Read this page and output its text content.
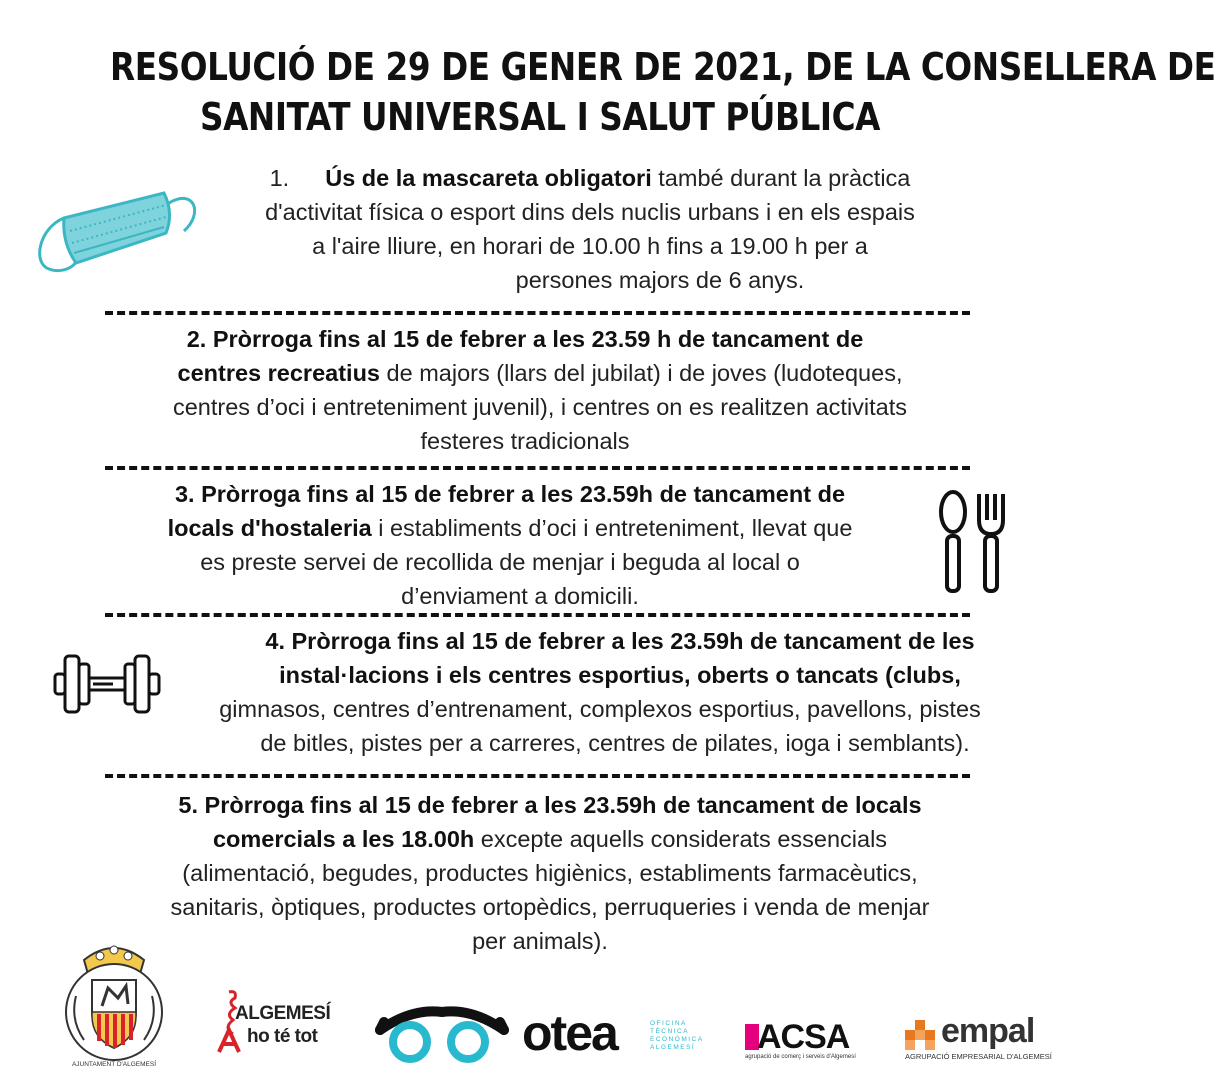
RESOLUCIÓ DE 29 DE GENER DE 2021, DE LA CONSELLERA DE
SANITAT UNIVERSAL I SALUT PÚBLICA
1. Ús de la mascareta obligatori també durant la pràctica
d'activitat física o esport dins dels nuclis urbans i en els espais
a l'aire lliure, en horari de 10.00 h fins a 19.00 h per a
persones majors de 6 anys.
2. Pròrroga fins al 15 de febrer a les 23.59 h de tancament de
centres recreatius de majors (llars del jubilat) i de joves (ludoteques,
centres d’oci i entreteniment juvenil), i centres on es realitzen activitats
festeres tradicionals
3. Pròrroga fins al 15 de febrer a les 23.59h de tancament de
locals d'hostaleria i establiments d’oci i entreteniment, llevat que
es preste servei de recollida de menjar i beguda al local o
d’enviament a domicili.
4. Pròrroga fins al 15 de febrer a les 23.59h de tancament de les
instal·lacions i els centres esportius, oberts o tancats (clubs,
gimnasos, centres d’entrenament, complexos esportius, pavellons, pistes
de bitles, pistes per a carreres, centres de pilates, ioga i semblants).
5. Pròrroga fins al 15 de febrer a les 23.59h de tancament de locals
comercials a les 18.00h excepte aquells considerats essencials
(alimentació, begudes, productes higiènics, establiments farmacèutics,
sanitaris, òptiques, productes ortopèdics, perruqueries i venda de menjar
per animals).
AJUNTAMENT D'ALGEMESÍ
ALGEMESÍ
ho té tot	otea	OFICINA
TÈCNICA
ECONÒMICA
ALGEMESÍ ACSA
agrupació de comerç i serveis d'Algemesí
empal
AGRUPACIÓ EMPRESARIAL D'ALGEMESÍ
